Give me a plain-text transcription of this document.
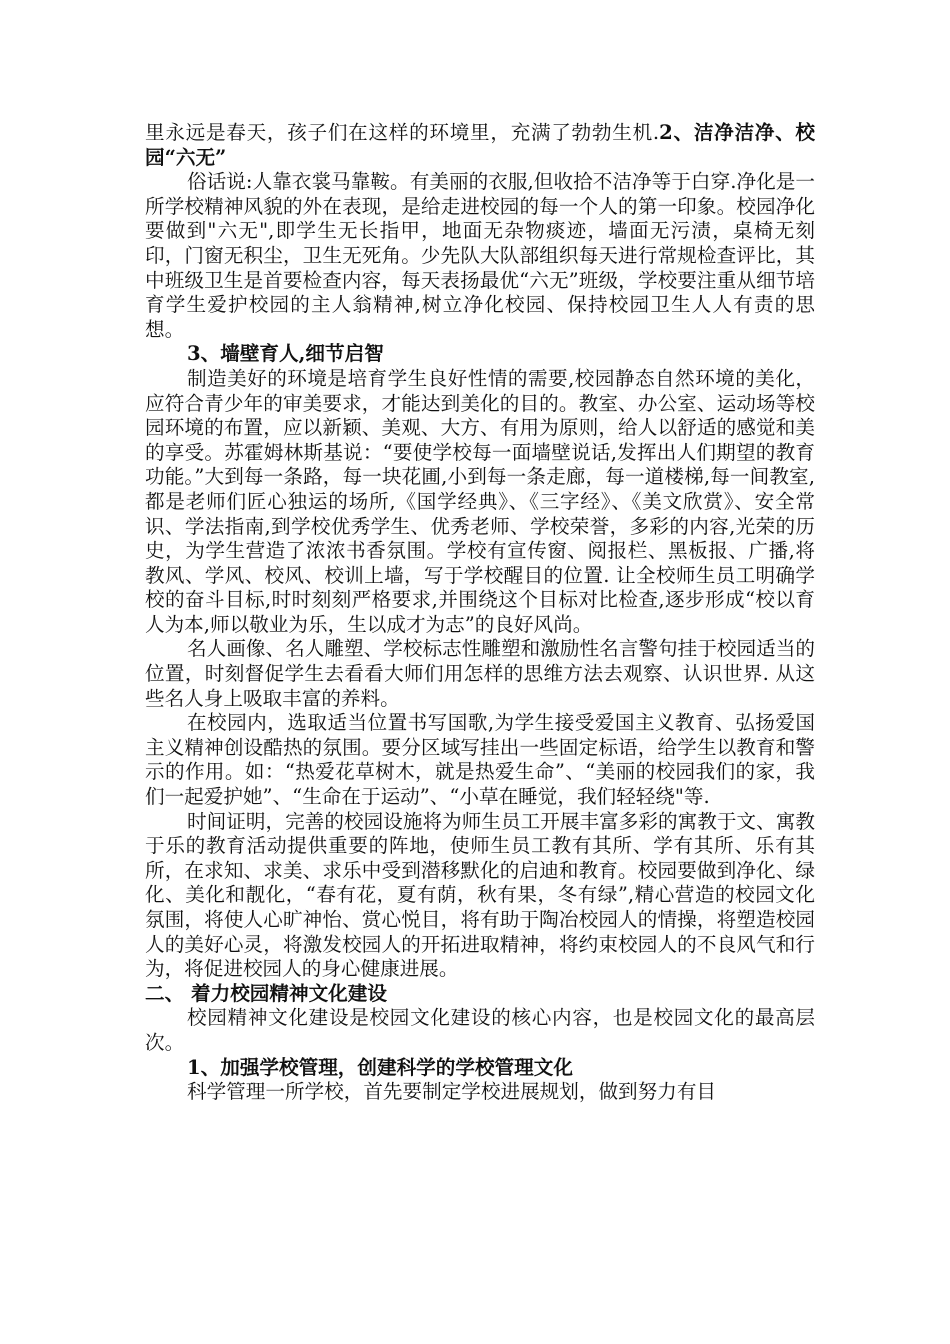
里永远是春天，孩子们在这样的环境里，充满了勃勃生机.2、洁净洁净、校园“六无”

俗话说:人靠衣裳马靠鞍。有美丽的衣服,但收拾不洁净等于白穿.净化是一所学校精神风貌的外在表现，是给走进校园的每一个人的第一印象。校园净化要做到"六无",即学生无长指甲，地面无杂物痰迹，墙面无污渍，桌椅无刻印，门窗无积尘，卫生无死角。少先队大队部组织每天进行常规检查评比，其中班级卫生是首要检查内容，每天表扬最优“六无”班级，学校要注重从细节培育学生爱护校园的主人翁精神,树立净化校园、保持校园卫生人人有责的思想。

3、墙壁育人,细节启智

制造美好的环境是培育学生良好性情的需要,校园静态自然环境的美化，应符合青少年的审美要求，才能达到美化的目的。教室、办公室、运动场等校园环境的布置，应以新颖、美观、大方、有用为原则，给人以舒适的感觉和美的享受。苏霍姆林斯基说：“要使学校每一面墙壁说话,发挥出人们期望的教育功能。”大到每一条路，每一块花圃,小到每一条走廊，每一道楼梯,每一间教室,都是老师们匠心独运的场所,《国学经典》、《三字经》、《美文欣赏》、安全常识、学法指南,到学校优秀学生、优秀老师、学校荣誉，多彩的内容,光荣的历史，为学生营造了浓浓书香氛围。学校有宣传窗、阅报栏、黑板报、广播,将教风、学风、校风、校训上墙，写于学校醒目的位置. 让全校师生员工明确学校的奋斗目标,时时刻刻严格要求,并围绕这个目标对比检查,逐步形成“校以育人为本,师以敬业为乐，生以成才为志”的良好风尚。

名人画像、名人雕塑、学校标志性雕塑和激励性名言警句挂于校园适当的位置，时刻督促学生去看看大师们用怎样的思维方法去观察、认识世界. 从这些名人身上吸取丰富的养料。

在校园内，选取适当位置书写国歌,为学生接受爱国主义教育、弘扬爱国主义精神创设酷热的氛围。要分区域写挂出一些固定标语，给学生以教育和警示的作用。如：“热爱花草树木，就是热爱生命”、“美丽的校园我们的家，我们一起爱护她”、“生命在于运动”、“小草在睡觉，我们轻轻绕"等.

时间证明，完善的校园设施将为师生员工开展丰富多彩的寓教于文、寓教于乐的教育活动提供重要的阵地，使师生员工教有其所、学有其所、乐有其所，在求知、求美、求乐中受到潜移默化的启迪和教育。校园要做到净化、绿化、美化和靓化，“春有花，夏有荫，秋有果，冬有绿”,精心营造的校园文化氛围，将使人心旷神怡、赏心悦目，将有助于陶冶校园人的情操，将塑造校园人的美好心灵，将激发校园人的开拓进取精神，将约束校园人的不良风气和行为，将促进校园人的身心健康进展。

二、 着力校园精神文化建设

校园精神文化建设是校园文化建设的核心内容，也是校园文化的最高层次。

1、加强学校管理，创建科学的学校管理文化

科学管理一所学校，首先要制定学校进展规划，做到努力有目
